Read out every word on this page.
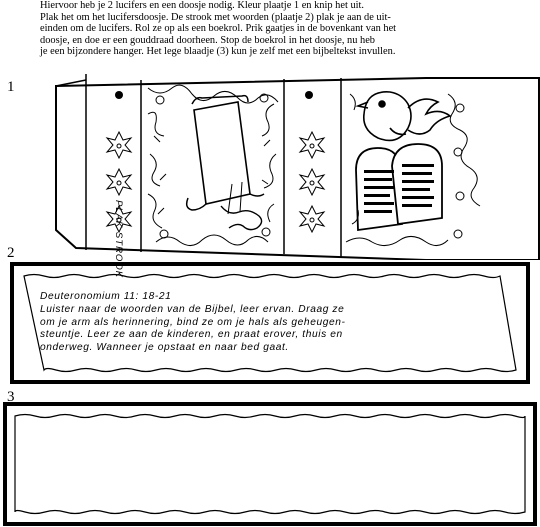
Hiervoor heb je 2 lucifers en een doosje nodig. Kleur plaatje 1 en knip het uit.

Plak het om het lucifersdoosje. De strook met woorden (plaatje 2) plak je aan de uit-

einden om de lucifers. Rol ze op als een boekrol. Prik gaatjes in de bovenkant van het

doosje, en doe er een gouddraad doorheen. Stop de boekrol in het doosje, nu heb

je een bijzondere hanger. Het lege blaadje (3) kun je zelf met een bijbeltekst invullen.

1
2
3
PLAK STROOK

Deuteronomium 11: 18-21

Luister naar de woorden van de Bijbel, leer ervan. Draag ze

om je arm als herinnering, bind ze om je hals als geheugen-

steuntje. Leer ze aan de kinderen, en praat erover, thuis en

onderweg. Wanneer je opstaat en naar bed gaat.
